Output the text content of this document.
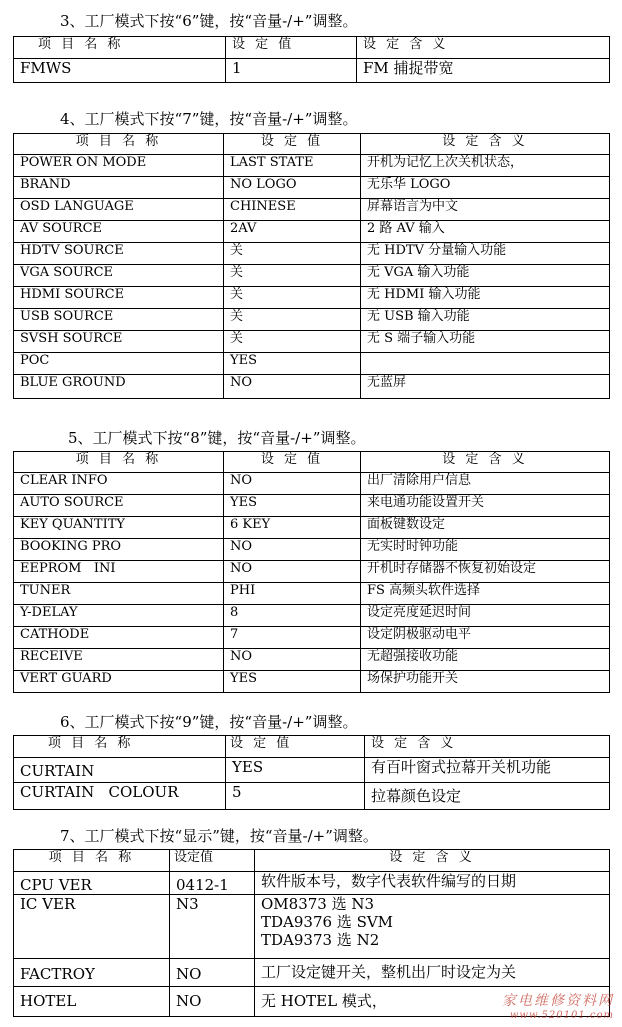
3、工厂模式下按“6”键，按“音量-/+”调整。
项 目 名 称	设 定 值	设 定 含 义
FMWS	1	FM 捕捉带宽
4、工厂模式下按“7”键，按“音量-/+”调整。
项 目 名 称	设 定 值	设 定 含 义
POWER ON MODE	LAST STATE	开机为记忆上次关机状态，
BRAND	NO LOGO	无乐华 LOGO
OSD LANGUAGE	CHINESE	屏幕语言为中文
AV SOURCE	2AV	2 路 AV 输入
HDTV SOURCE	关	无 HDTV 分量输入功能
VGA SOURCE	关	无 VGA 输入功能
HDMI SOURCE	关	无 HDMI 输入功能
USB SOURCE	关	无 USB 输入功能
SVSH SOURCE	关	无 S 端子输入功能
POC	YES	
BLUE GROUND	NO	无蓝屏
5、工厂模式下按“8”键，按“音量-/+”调整。
项 目 名 称	设 定 值	设 定 含 义
CLEAR INFO	NO	出厂清除用户信息
AUTO SOURCE	YES	来电通功能设置开关
KEY QUANTITY	6 KEY	面板键数设定
BOOKING PRO	NO	无实时时钟功能
EEPROM   INI	NO	开机时存储器不恢复初始设定
TUNER	PHI	FS 高频头软件选择
Y-DELAY	8	设定亮度延迟时间
CATHODE	7	设定阴极驱动电平
RECEIVE	NO	无超强接收功能
VERT GUARD	YES	场保护功能开关
6、工厂模式下按“9”键，按“音量-/+”调整。
项 目 名 称	设 定 值	设 定 含 义
CURTAIN	YES	有百叶窗式拉幕开关机功能
CURTAIN   COLOUR	5	拉幕颜色设定
7、工厂模式下按“显示”键，按“音量-/+”调整。
项 目 名 称	设定值	设 定 含 义
CPU VER	0412-1	软件版本号，数字代表软件编写的日期
IC VER	N3	OM8373 选 N3
TDA9376 选 SVM
TDA9373 选 N2

FACTROY	NO	工厂设定键开关，整机出厂时设定为关
HOTEL	NO	无 HOTEL 模式，	家电维修资料网
www.520101.com
